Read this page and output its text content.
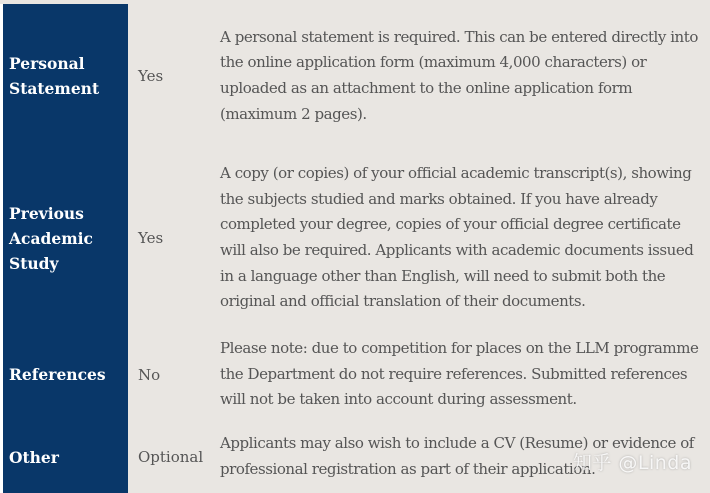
Personal Statement	Yes	A personal statement is required. This can be entered directly into the online application form (maximum 4,000 characters) or uploaded as an attachment to the online application form (maximum 2 pages).
Previous Academic Study	Yes	A copy (or copies) of your official academic transcript(s), showing the subjects studied and marks obtained. If you have already completed your degree, copies of your official degree certificate will also be required. Applicants with academic documents issued in a language other than English, will need to submit both the original and official translation of their documents.
References	No	Please note: due to competition for places on the LLM programme the Department do not require references. Submitted references will not be taken into account during assessment.
Other	Optional	Applicants may also wish to include a CV (Resume) or evidence of professional registration as part of their application.
知乎 @Linda
